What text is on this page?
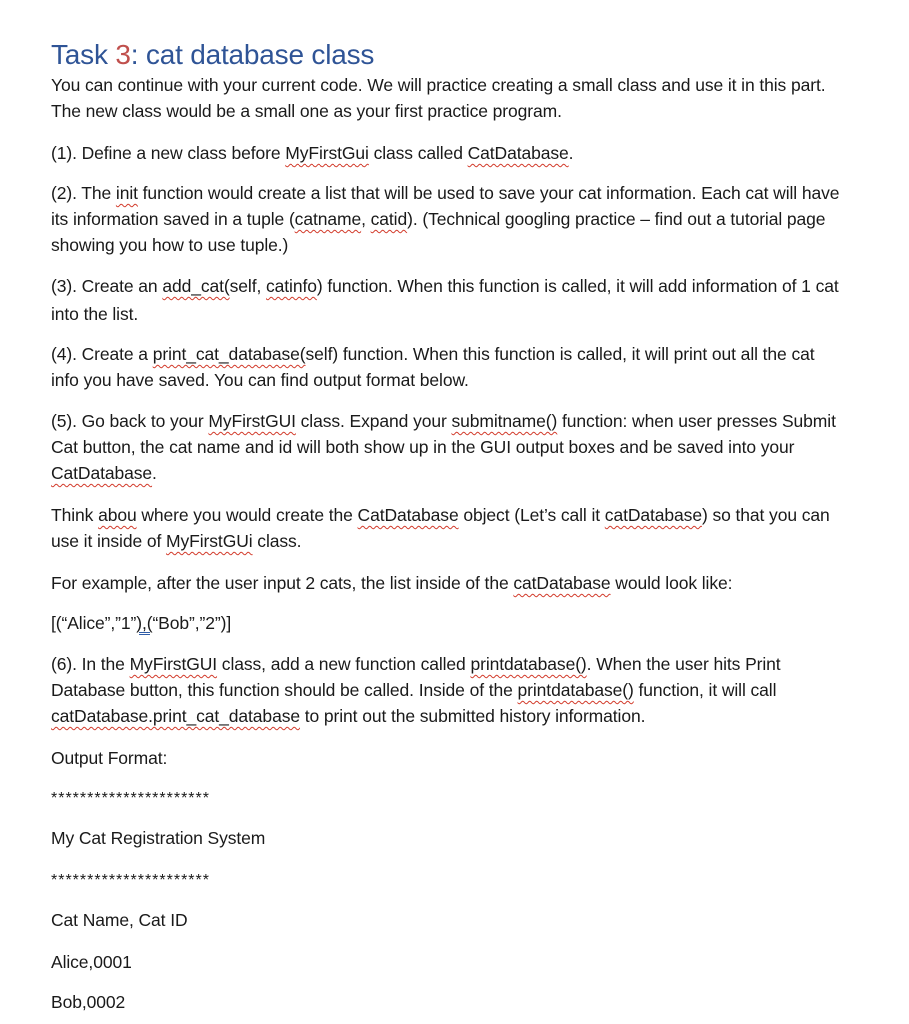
Task 3: cat database class
You can continue with your current code. We will practice creating a small class and use it in this part.
The new class would be a small one as your first practice program.
(1). Define a new class before MyFirstGui class called CatDatabase.
(2). The init function would create a list that will be used to save your cat information. Each cat will have
its information saved in a tuple (catname, catid). (Technical googling practice – find out a tutorial page
showing you how to use tuple.)
(3). Create an add_cat(self, catinfo) function. When this function is called, it will add information of 1 cat
into the list.
(4). Create a print_cat_database(self) function. When this function is called, it will print out all the cat
info you have saved. You can find output format below.
(5). Go back to your MyFirstGUI class. Expand your submitname() function: when user presses Submit
Cat button, the cat name and id will both show up in the GUI output boxes and be saved into your
CatDatabase.
Think abou where you would create the CatDatabase object (Let’s call it catDatabase) so that you can
use it inside of MyFirstGUi class.
For example, after the user input 2 cats, the list inside of the catDatabase would look like:
[(“Alice”,”1”),(“Bob”,”2”)]
(6). In the MyFirstGUI class, add a new function called printdatabase(). When the user hits Print
Database button, this function should be called. Inside of the printdatabase() function, it will call
catDatabase.print_cat_database to print out the submitted history information.
Output Format:
**********************
My Cat Registration System
**********************
Cat Name, Cat ID
Alice,0001
Bob,0002
